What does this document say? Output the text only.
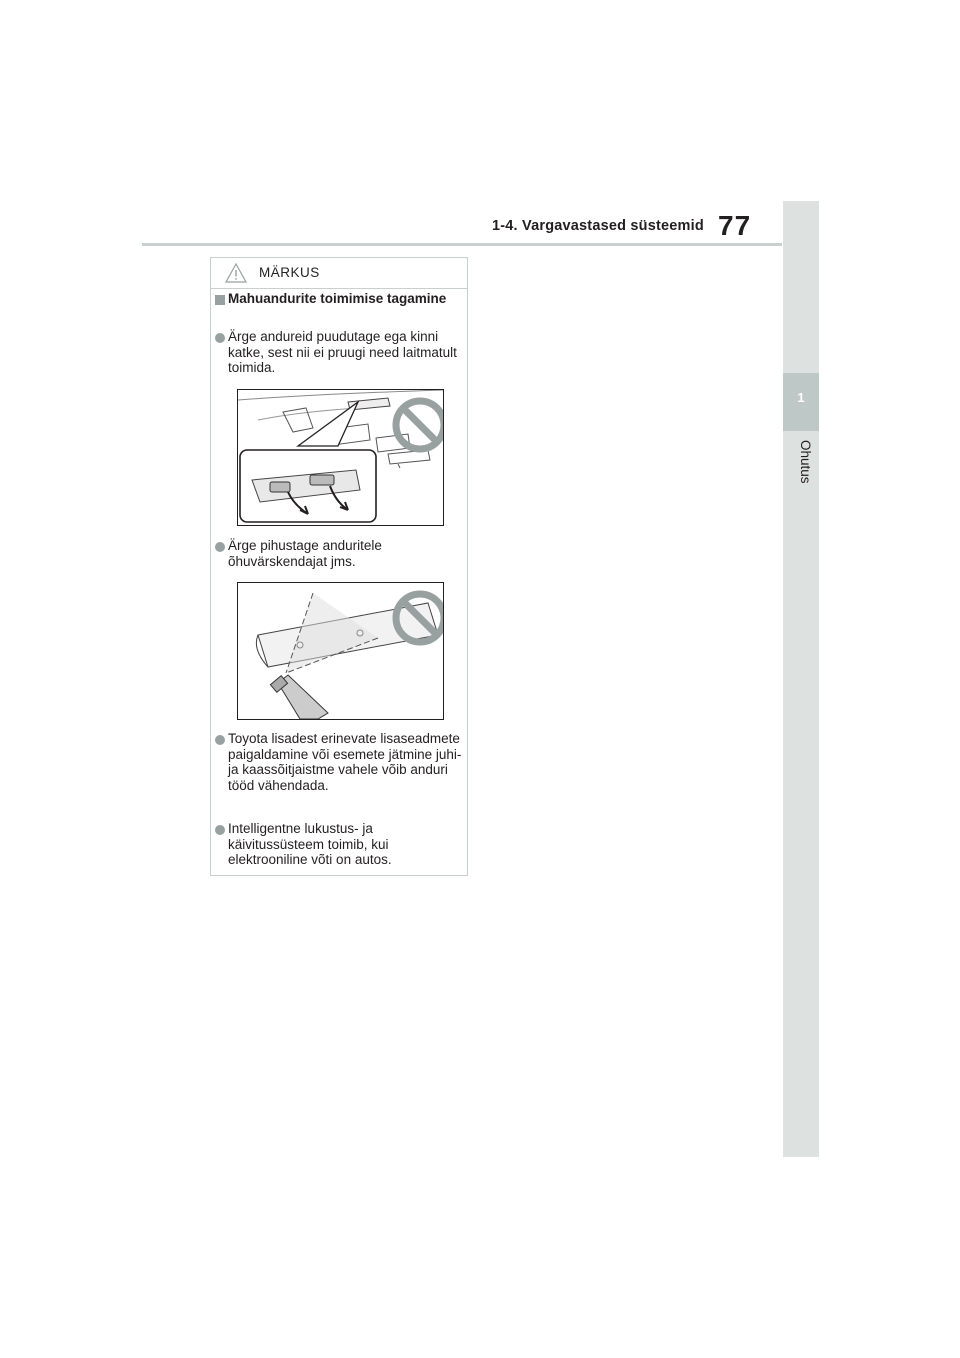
1-4. Vargavastased süsteemid 77
1
Ohutus
MÄRKUS
Mahuandurite toimimise tagamine
Ärge andureid puudutage ega kinni katke, sest nii ei pruugi need laitmatult toimida.
Ärge pihustage anduritele õhuvärskendajat jms.
Toyota lisadest erinevate lisaseadmete paigaldamine või esemete jätmine juhi- ja kaassõitjaistme vahele võib anduri tööd vähendada.
Intelligentne lukustus- ja käivitussüsteem toimib, kui elektrooniline võti on autos.
